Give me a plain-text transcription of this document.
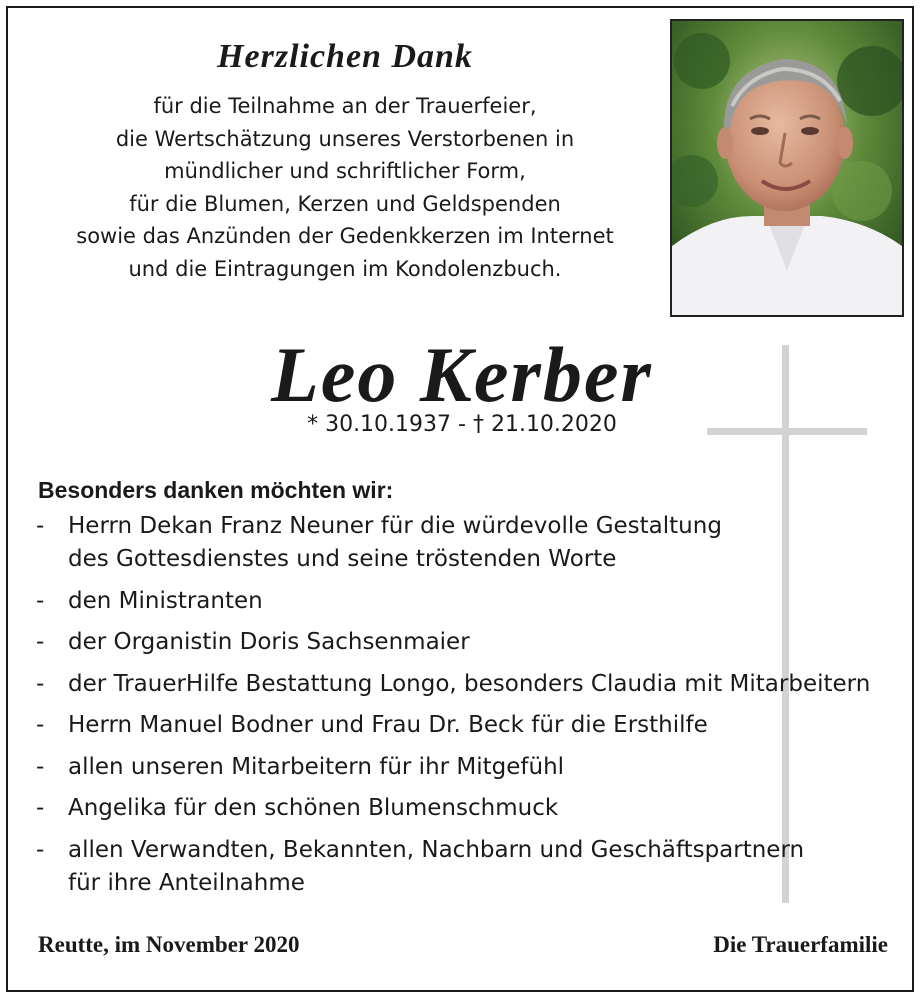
Herzlichen Dank
für die Teilnahme an der Trauerfeier,
die Wertschätzung unseres Verstorbenen in
mündlicher und schriftlicher Form,
für die Blumen, Kerzen und Geldspenden
sowie das Anzünden der Gedenkkerzen im Internet
und die Eintragungen im Kondolenzbuch.
Leo Kerber
* 30.10.1937 - † 21.10.2020
Besonders danken möchten wir:
- Herrn Dekan Franz Neuner für die würdevolle Gestaltung
des Gottesdienstes und seine tröstenden Worte
- den Ministranten
- der Organistin Doris Sachsenmaier
- der TrauerHilfe Bestattung Longo, besonders Claudia mit Mitarbeitern
- Herrn Manuel Bodner und Frau Dr. Beck für die Ersthilfe
- allen unseren Mitarbeitern für ihr Mitgefühl
- Angelika für den schönen Blumenschmuck
- allen Verwandten, Bekannten, Nachbarn und Geschäftspartnern
für ihre Anteilnahme
Reutte, im November 2020	Die Trauerfamilie
